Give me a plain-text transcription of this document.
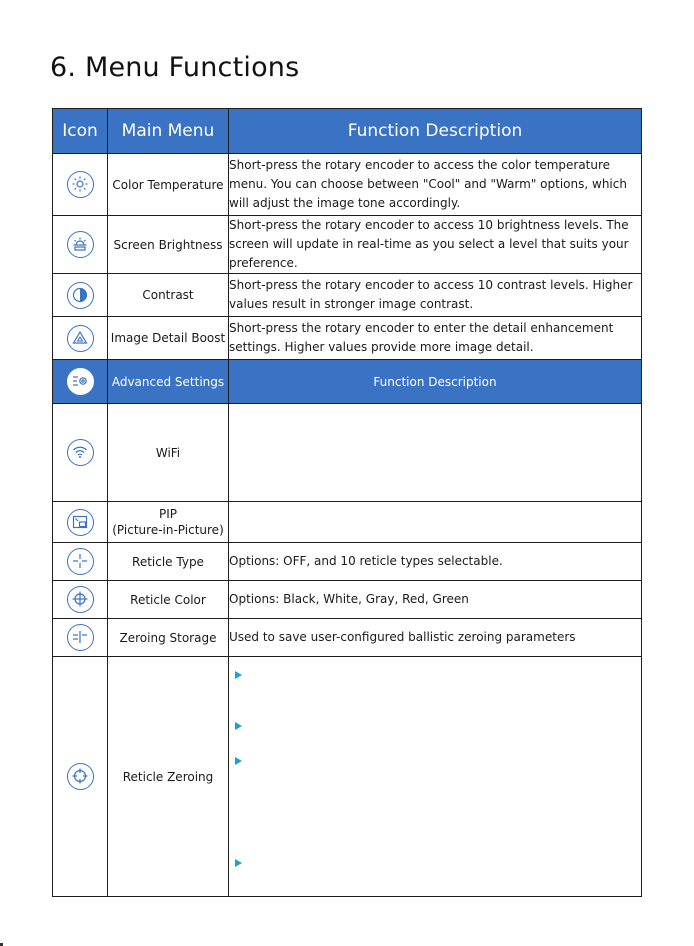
6. Menu Functions
Icon	Main Menu	Function Description

	Color Temperature	Short-press the rotary encoder to access the color temperature menu. You can choose between "Cool" and "Warm" options, which will adjust the image tone accordingly.

	Screen Brightness	Short-press the rotary encoder to access 10 brightness levels. The screen will update in real-time as you select a level that suits your preference.

	Contrast	Short-press the rotary encoder to access 10 contrast levels. Higher values result in stronger image contrast.

	Image Detail Boost	Short-press the rotary encoder to enter the detail enhancement settings. Higher values provide more image detail.

	Advanced Settings	Function Description

	WiFi	

	PIP
(Picture-in-Picture)	

	Reticle Type	Options: OFF, and 10 reticle types selectable.

	Reticle Color	Options: Black, White, Gray, Red, Green

	Zeroing Storage	Used to save user-configured ballistic zeroing parameters

	Reticle Zeroing	
